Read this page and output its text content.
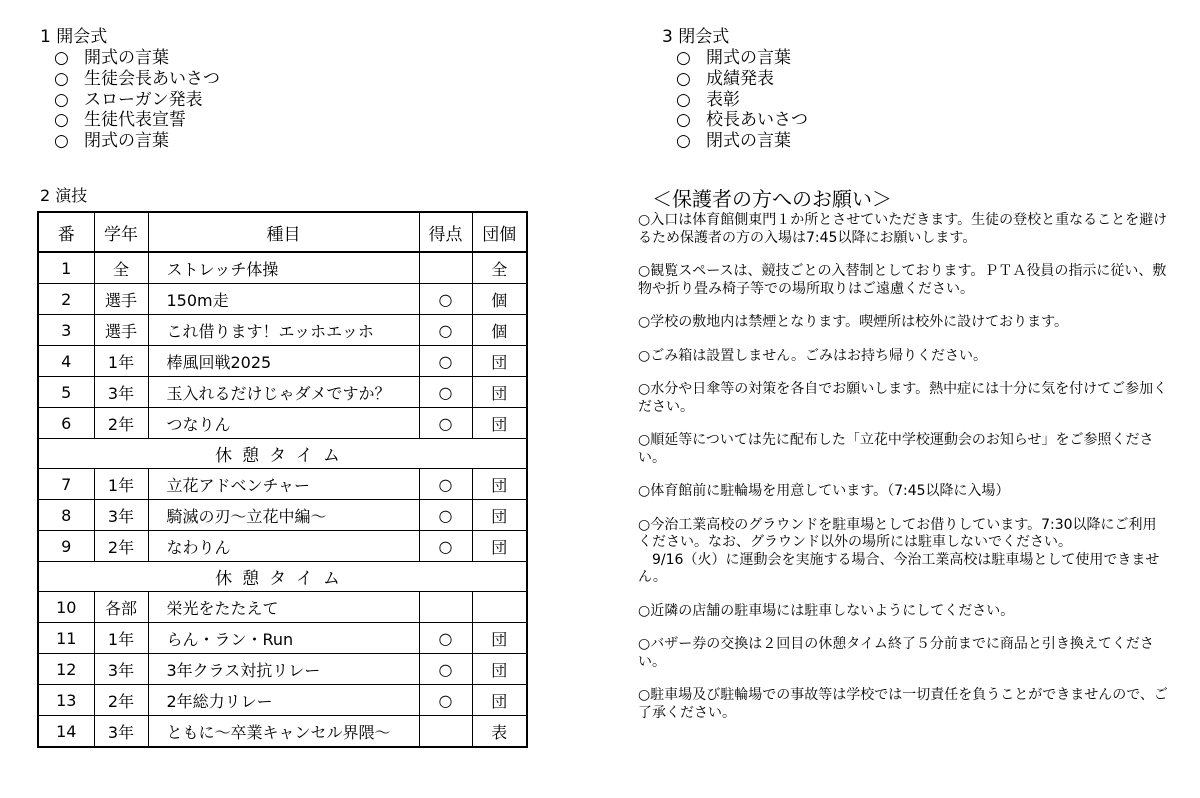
1 開会式
○ 開式の言葉
○ 生徒会長あいさつ
○ スローガン発表
○ 生徒代表宣誓
○ 閉式の言葉
3 閉会式
○ 開式の言葉
○ 成績発表
○ 表彰
○ 校長あいさつ
○ 閉式の言葉
2 演技
番	学年	種目	得点	団個
1	全	ストレッチ体操		全
2	選手	150m走	○	個
3	選手	これ借ります！エッホエッホ	○	個
4	1年	棒風回戦2025	○	団
5	3年	玉入れるだけじゃダメですか？	○	団
6	2年	つなりん	○	団
休憩タイム				
7	1年	立花アドベンチャー	○	団
8	3年	騎滅の刃～立花中編～	○	団
9	2年	なわりん	○	団
休憩タイム				
10	各部	栄光をたたえて		
11	1年	らん・ラン・Run	○	団
12	3年	3年クラス対抗リレー	○	団
13	2年	2年総力リレー	○	団
14	3年	ともに～卒業キャンセル界隈～		表
＜保護者の方へのお願い＞

○入口は体育館側東門１か所とさせていただきます。生徒の登校と重なることを避けるため保護者の方の入場は7:45以降にお願いします。

○観覧スペースは、競技ごとの入替制としております。ＰＴＡ役員の指示に従い、敷物や折り畳み椅子等での場所取りはご遠慮ください。

○学校の敷地内は禁煙となります。喫煙所は校外に設けております。

○ごみ箱は設置しません。ごみはお持ち帰りください。

○水分や日傘等の対策を各自でお願いします。熱中症には十分に気を付けてご参加ください。

○順延等については先に配布した「立花中学校運動会のお知らせ」をご参照ください。

○体育館前に駐輪場を用意しています。（7:45以降に入場）

○今治工業高校のグラウンドを駐車場としてお借りしています。7:30以降にご利用ください。なお、グラウンド以外の場所には駐車しないでください。
　9/16（火）に運動会を実施する場合、今治工業高校は駐車場として使用できません。

○近隣の店舗の駐車場には駐車しないようにしてください。

○バザー券の交換は２回目の休憩タイム終了５分前までに商品と引き換えてください。

○駐車場及び駐輪場での事故等は学校では一切責任を負うことができませんので、ご了承ください。
